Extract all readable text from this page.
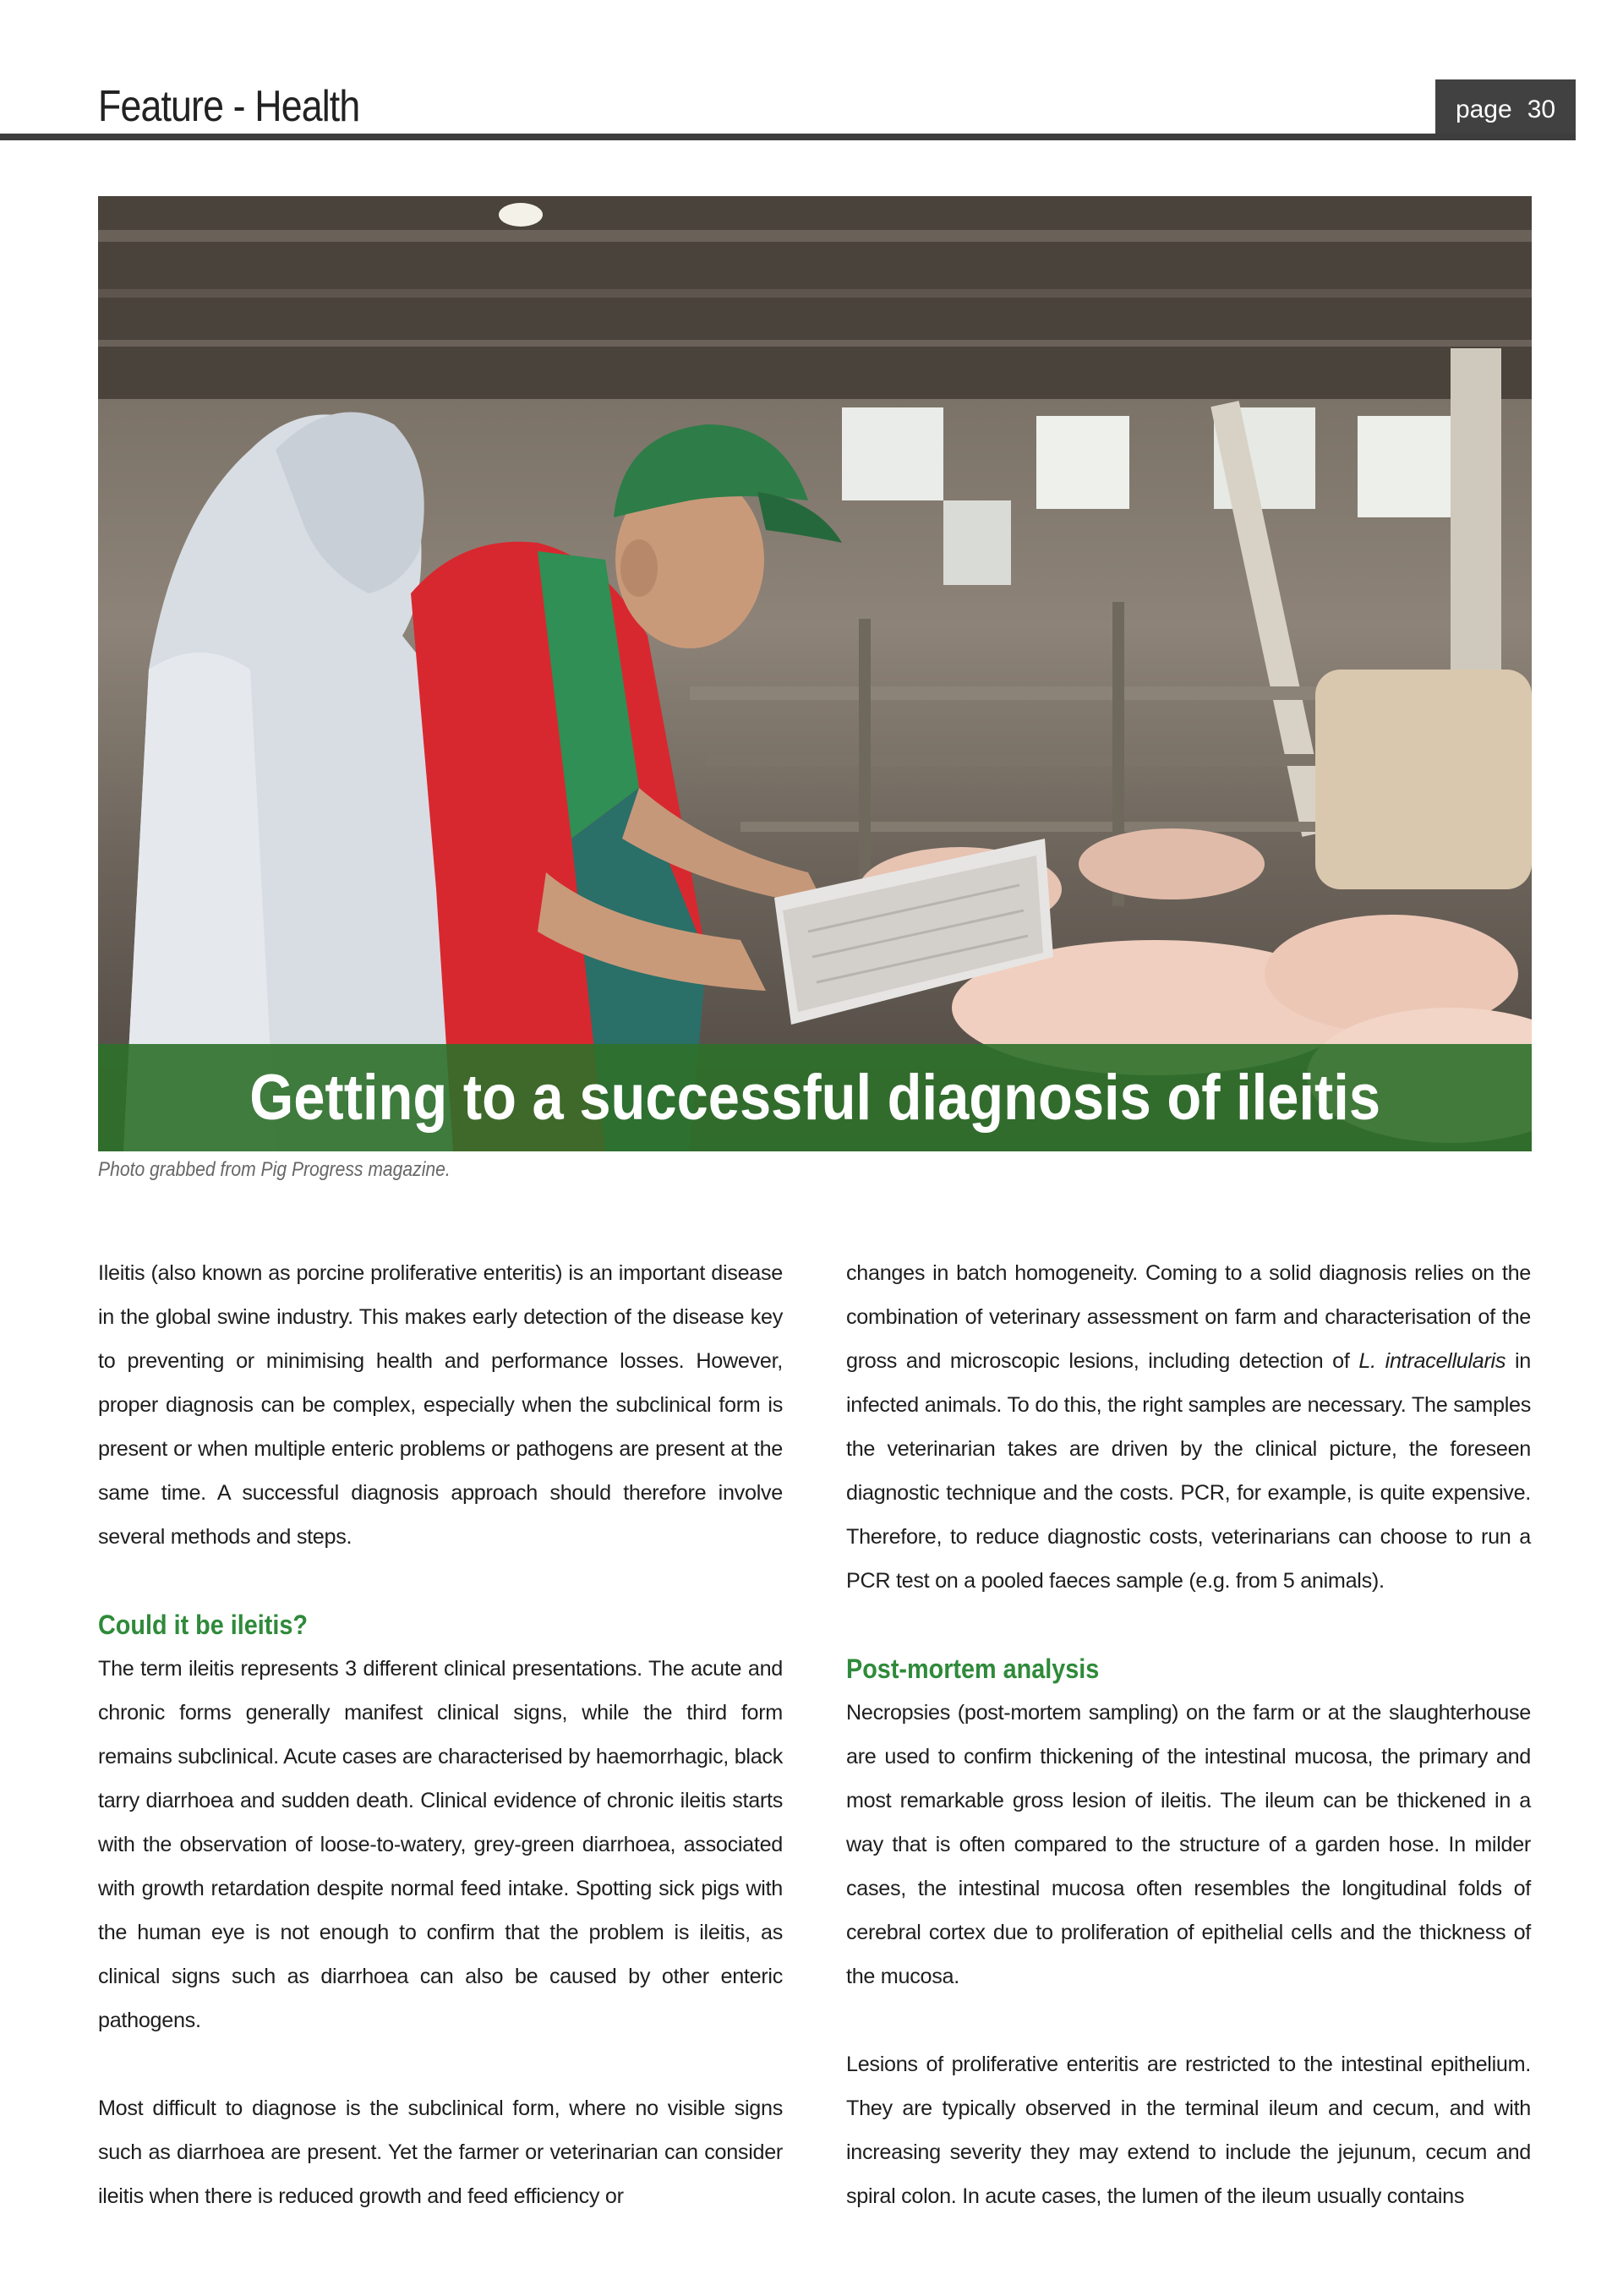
Feature - Health	page 30
Getting to a successful diagnosis of ileitis
Photo grabbed from Pig Progress magazine.

Ileitis (also known as porcine proliferative enteritis) is an important disease in the global swine industry. This makes early detection of the disease key to preventing or minimising health and performance losses. However, proper diagnosis can be complex, especially when the subclinical form is present or when multiple enteric problems or pathogens are present at the same time. A successful diagnosis approach should therefore involve several methods and steps.

Could it be ileitis?

The term ileitis represents 3 different clinical presentations. The acute and chronic forms generally manifest clinical signs, while the third form remains subclinical. Acute cases are characterised by haemorrhagic, black tarry diarrhoea and sudden death. Clinical evidence of chronic ileitis starts with the observation of loose-to-watery, grey-green diarrhoea, associated with growth retardation despite normal feed intake. Spotting sick pigs with the human eye is not enough to confirm that the problem is ileitis, as clinical signs such as diarrhoea can also be caused by other enteric pathogens.

Most difficult to diagnose is the subclinical form, where no visible signs such as diarrhoea are present. Yet the farmer or veterinarian can consider ileitis when there is reduced growth and feed efficiency or

changes in batch homogeneity. Coming to a solid diagnosis relies on the combination of veterinary assessment on farm and characterisation of the gross and microscopic lesions, including detection of L. intracellularis in infected animals. To do this, the right samples are necessary. The samples the veterinarian takes are driven by the clinical picture, the foreseen diagnostic technique and the costs. PCR, for example, is quite expensive. Therefore, to reduce diagnostic costs, veterinarians can choose to run a PCR test on a pooled faeces sample (e.g. from 5 animals).

Post-mortem analysis

Necropsies (post-mortem sampling) on the farm or at the slaughterhouse are used to confirm thickening of the intestinal mucosa, the primary and most remarkable gross lesion of ileitis. The ileum can be thickened in a way that is often compared to the structure of a garden hose. In milder cases, the intestinal mucosa often resembles the longitudinal folds of cerebral cortex due to proliferation of epithelial cells and the thickness of the mucosa.

Lesions of proliferative enteritis are restricted to the intestinal epithelium. They are typically observed in the terminal ileum and cecum, and with increasing severity they may extend to include the jejunum, cecum and spiral colon. In acute cases, the lumen of the ileum usually contains
